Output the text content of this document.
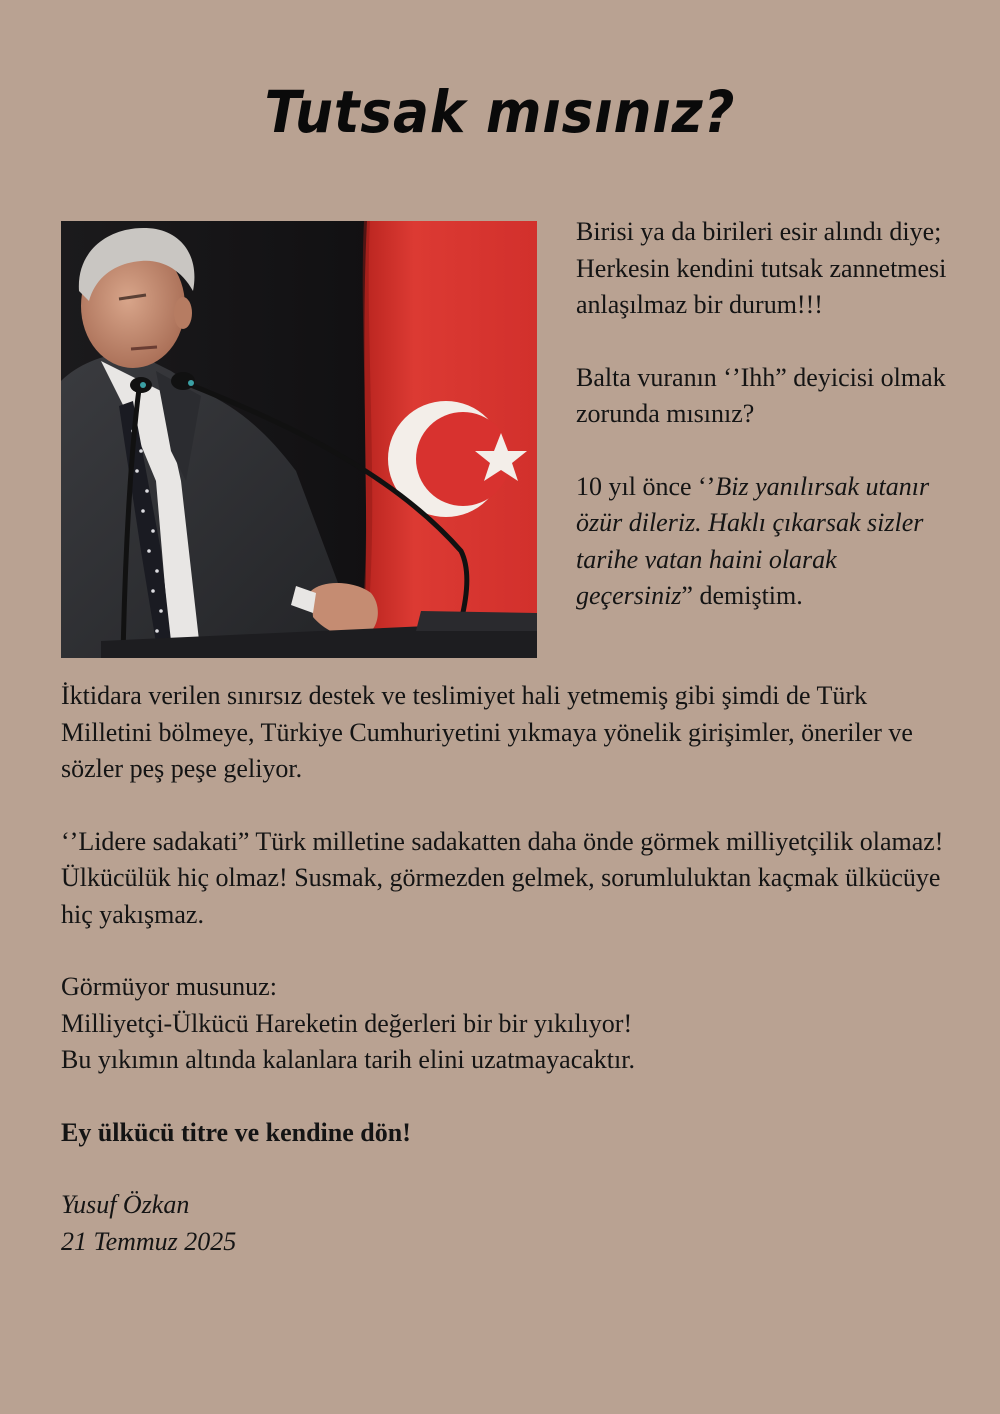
Tutsak mısınız?

Birisi ya da birileri esir alındı diye; Herkesin kendini tutsak zannetmesi anlaşılmaz bir durum!!!

Balta vuranın ‘’Ihh” deyicisi olmak zorunda mısınız?

10 yıl önce ‘’Biz yanılırsak utanır özür dileriz. Haklı çıkarsak sizler tarihe vatan haini olarak geçersiniz” demiştim.

İktidara verilen sınırsız destek ve teslimiyet hali yetmemiş gibi şimdi de Türk Milletini bölmeye, Türkiye Cumhuriyetini yıkmaya yönelik girişimler, öneriler ve sözler peş peşe geliyor.

‘’Lidere sadakati” Türk milletine sadakatten daha önde görmek milliyetçilik olamaz! Ülkücülük hiç olmaz! Susmak, görmezden gelmek, sorumluluktan kaçmak ülkücüye hiç yakışmaz.

Görmüyor musunuz:
Milliyetçi-Ülkücü Hareketin değerleri bir bir yıkılıyor!
Bu yıkımın altında kalanlara tarih elini uzatmayacaktır.

Ey ülkücü titre ve kendine dön!

Yusuf Özkan
21 Temmuz 2025
